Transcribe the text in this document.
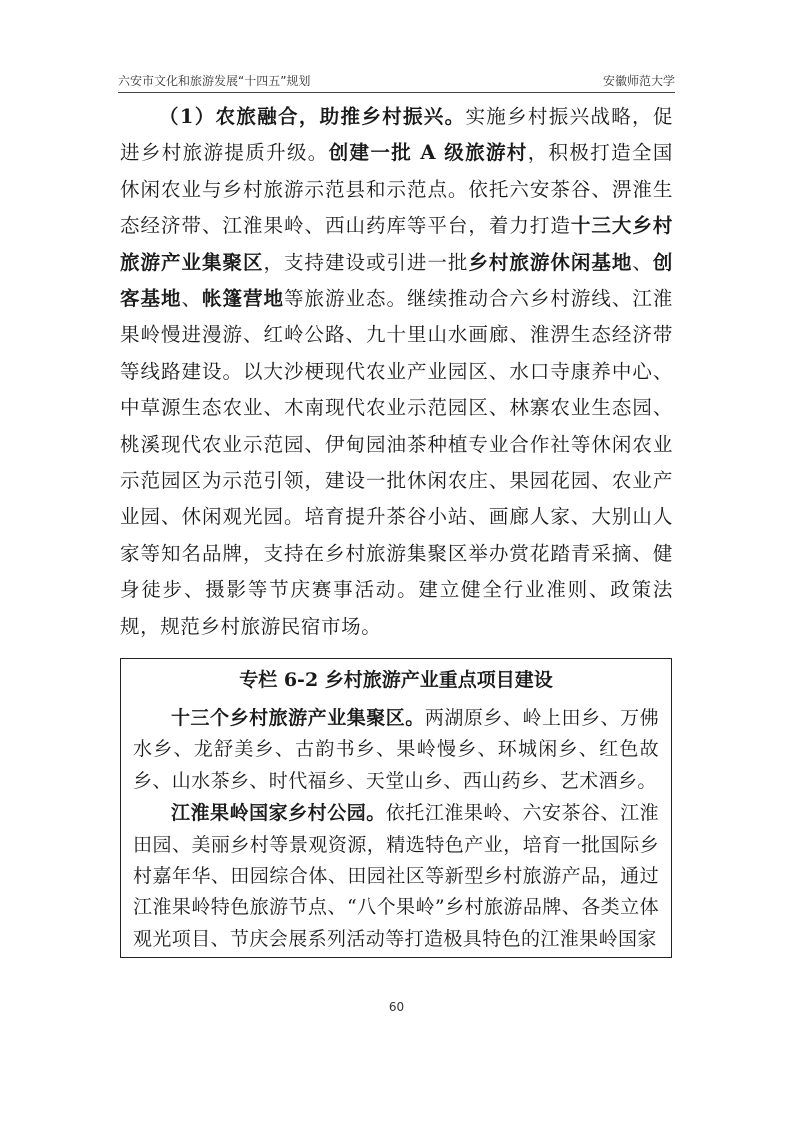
六安市文化和旅游发展“十四五”规划	安徽师范大学

（1）农旅融合，助推乡村振兴。实施乡村振兴战略，促进乡村旅游提质升级。创建一批 A 级旅游村，积极打造全国休闲农业与乡村旅游示范县和示范点。依托六安茶谷、淠淮生态经济带、江淮果岭、西山药库等平台，着力打造十三大乡村旅游产业集聚区，支持建设或引进一批乡村旅游休闲基地、创客基地、帐篷营地等旅游业态。继续推动合六乡村游线、江淮果岭慢进漫游、红岭公路、九十里山水画廊、淮淠生态经济带等线路建设。以大沙梗现代农业产业园区、水口寺康养中心、中草源生态农业、木南现代农业示范园区、林寨农业生态园、桃溪现代农业示范园、伊甸园油茶种植专业合作社等休闲农业示范园区为示范引领，建设一批休闲农庄、果园花园、农业产业园、休闲观光园。培育提升茶谷小站、画廊人家、大别山人家等知名品牌，支持在乡村旅游集聚区举办赏花踏青采摘、健身徒步、摄影等节庆赛事活动。建立健全行业准则、政策法规，规范乡村旅游民宿市场。

专栏 6-2 乡村旅游产业重点项目建设

十三个乡村旅游产业集聚区。两湖原乡、岭上田乡、万佛水乡、龙舒美乡、古韵书乡、果岭慢乡、环城闲乡、红色故乡、山水茶乡、时代福乡、天堂山乡、西山药乡、艺术酒乡。

江淮果岭国家乡村公园。依托江淮果岭、六安茶谷、江淮田园、美丽乡村等景观资源，精选特色产业，培育一批国际乡村嘉年华、田园综合体、田园社区等新型乡村旅游产品，通过江淮果岭特色旅游节点、“八个果岭”乡村旅游品牌、各类立体观光项目、节庆会展系列活动等打造极具特色的江淮果岭国家

60
